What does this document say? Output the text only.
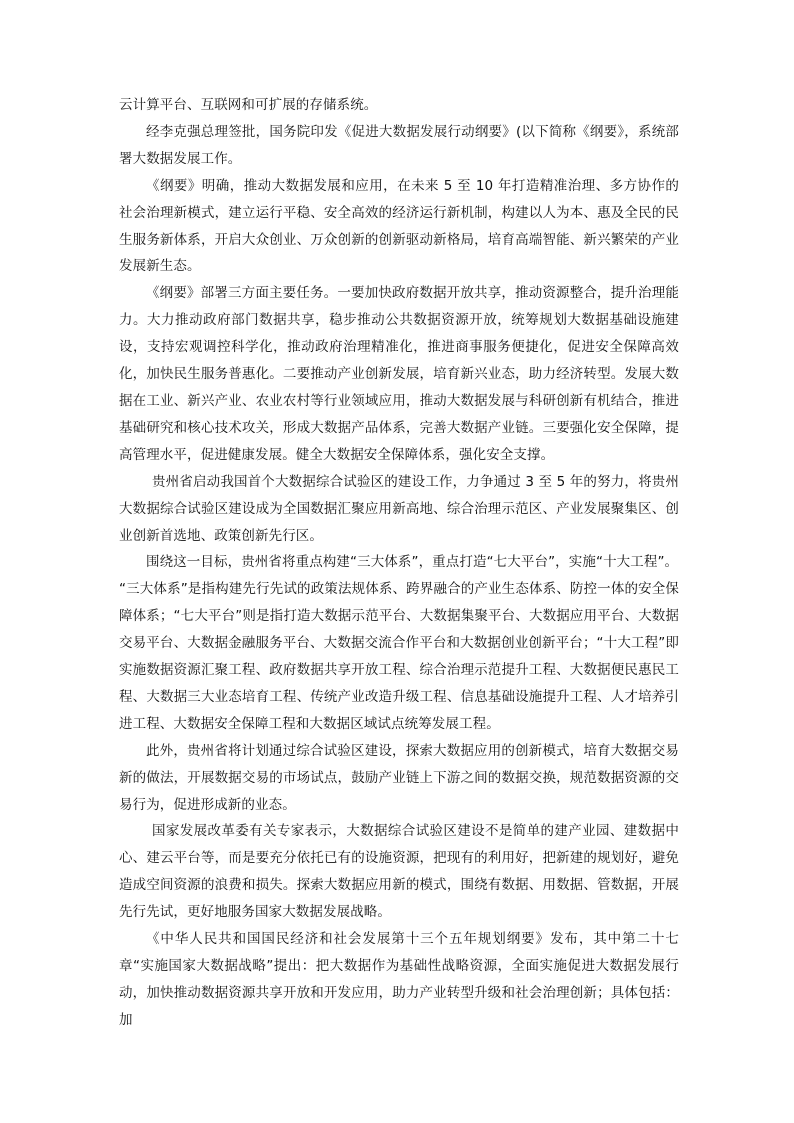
云计算平台、互联网和可扩展的存储系统。

经李克强总理签批，国务院印发《促进大数据发展行动纲要》(以下简称《纲要》，系统部署大数据发展工作。

《纲要》明确，推动大数据发展和应用，在未来 5 至 10 年打造精准治理、多方协作的社会治理新模式，建立运行平稳、安全高效的经济运行新机制，构建以人为本、惠及全民的民生服务新体系，开启大众创业、万众创新的创新驱动新格局，培育高端智能、新兴繁荣的产业发展新生态。

《纲要》部署三方面主要任务。一要加快政府数据开放共享，推动资源整合，提升治理能力。大力推动政府部门数据共享，稳步推动公共数据资源开放，统筹规划大数据基础设施建设，支持宏观调控科学化，推动政府治理精准化，推进商事服务便捷化，促进安全保障高效化，加快民生服务普惠化。二要推动产业创新发展，培育新兴业态，助力经济转型。发展大数据在工业、新兴产业、农业农村等行业领域应用，推动大数据发展与科研创新有机结合，推进基础研究和核心技术攻关，形成大数据产品体系，完善大数据产业链。三要强化安全保障，提高管理水平，促进健康发展。健全大数据安全保障体系，强化安全支撑。

贵州省启动我国首个大数据综合试验区的建设工作，力争通过 3 至 5 年的努力，将贵州大数据综合试验区建设成为全国数据汇聚应用新高地、综合治理示范区、产业发展聚集区、创业创新首选地、政策创新先行区。

围绕这一目标，贵州省将重点构建“三大体系”，重点打造“七大平台”，实施“十大工程”。

“三大体系”是指构建先行先试的政策法规体系、跨界融合的产业生态体系、防控一体的安全保障体系；“七大平台”则是指打造大数据示范平台、大数据集聚平台、大数据应用平台、大数据交易平台、大数据金融服务平台、大数据交流合作平台和大数据创业创新平台；“十大工程”即实施数据资源汇聚工程、政府数据共享开放工程、综合治理示范提升工程、大数据便民惠民工程、大数据三大业态培育工程、传统产业改造升级工程、信息基础设施提升工程、人才培养引进工程、大数据安全保障工程和大数据区域试点统筹发展工程。

此外，贵州省将计划通过综合试验区建设，探索大数据应用的创新模式，培育大数据交易新的做法，开展数据交易的市场试点，鼓励产业链上下游之间的数据交换，规范数据资源的交易行为，促进形成新的业态。

国家发展改革委有关专家表示，大数据综合试验区建设不是简单的建产业园、建数据中心、建云平台等，而是要充分依托已有的设施资源，把现有的利用好，把新建的规划好，避免造成空间资源的浪费和损失。探索大数据应用新的模式，围绕有数据、用数据、管数据，开展先行先试，更好地服务国家大数据发展战略。

《中华人民共和国国民经济和社会发展第十三个五年规划纲要》发布，其中第二十七章“实施国家大数据战略”提出：把大数据作为基础性战略资源，全面实施促进大数据发展行动，加快推动数据资源共享开放和开发应用，助力产业转型升级和社会治理创新；具体包括：加
